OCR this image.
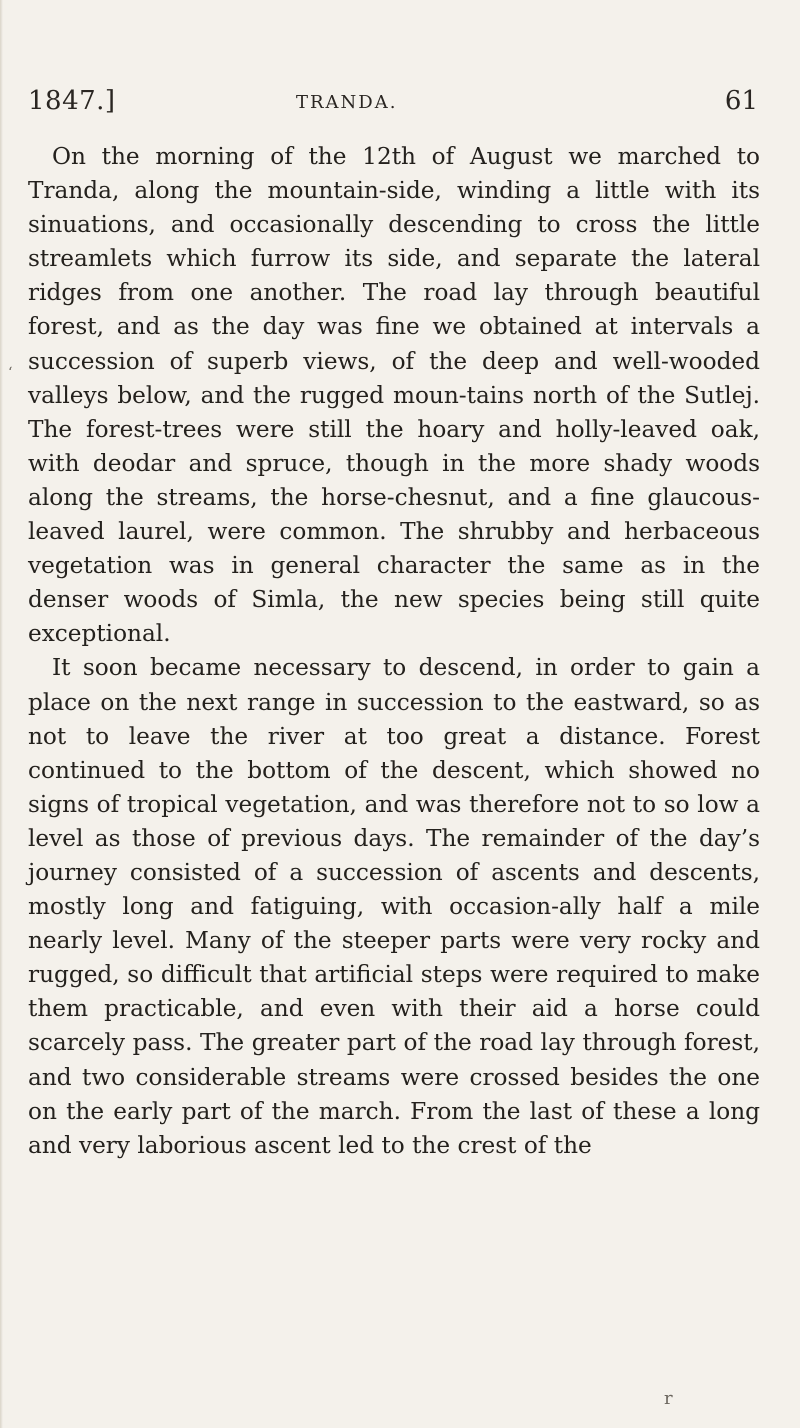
1847.]	TRANDA.	61

On the morning of the 12th of August we marched to Tranda, along the mountain-side, winding a little with its sinuations, and occasionally descending to cross the little streamlets which furrow its side, and separate the lateral ridges from one another. The road lay through beautiful forest, and as the day was fine we obtained at intervals a succession of superb views, of the deep and well-wooded valleys below, and the rugged moun-tains north of the Sutlej. The forest-trees were still the hoary and holly-leaved oak, with deodar and spruce, though in the more shady woods along the streams, the horse-chesnut, and a fine glaucous-leaved laurel, were common. The shrubby and herbaceous vegetation was in general character the same as in the denser woods of Simla, the new species being still quite exceptional.

It soon became necessary to descend, in order to gain a place on the next range in succession to the eastward, so as not to leave the river at too great a distance. Forest continued to the bottom of the descent, which showed no signs of tropical vegetation, and was therefore not to so low a level as those of previous days. The remainder of the day’s journey consisted of a succession of ascents and descents, mostly long and fatiguing, with occasion-ally half a mile nearly level. Many of the steeper parts were very rocky and rugged, so difficult that artificial steps were required to make them practicable, and even with their aid a horse could scarcely pass. The greater part of the road lay through forest, and two considerable streams were crossed besides the one on the early part of the march. From the last of these a long and very laborious ascent led to the crest of the

‘
r
